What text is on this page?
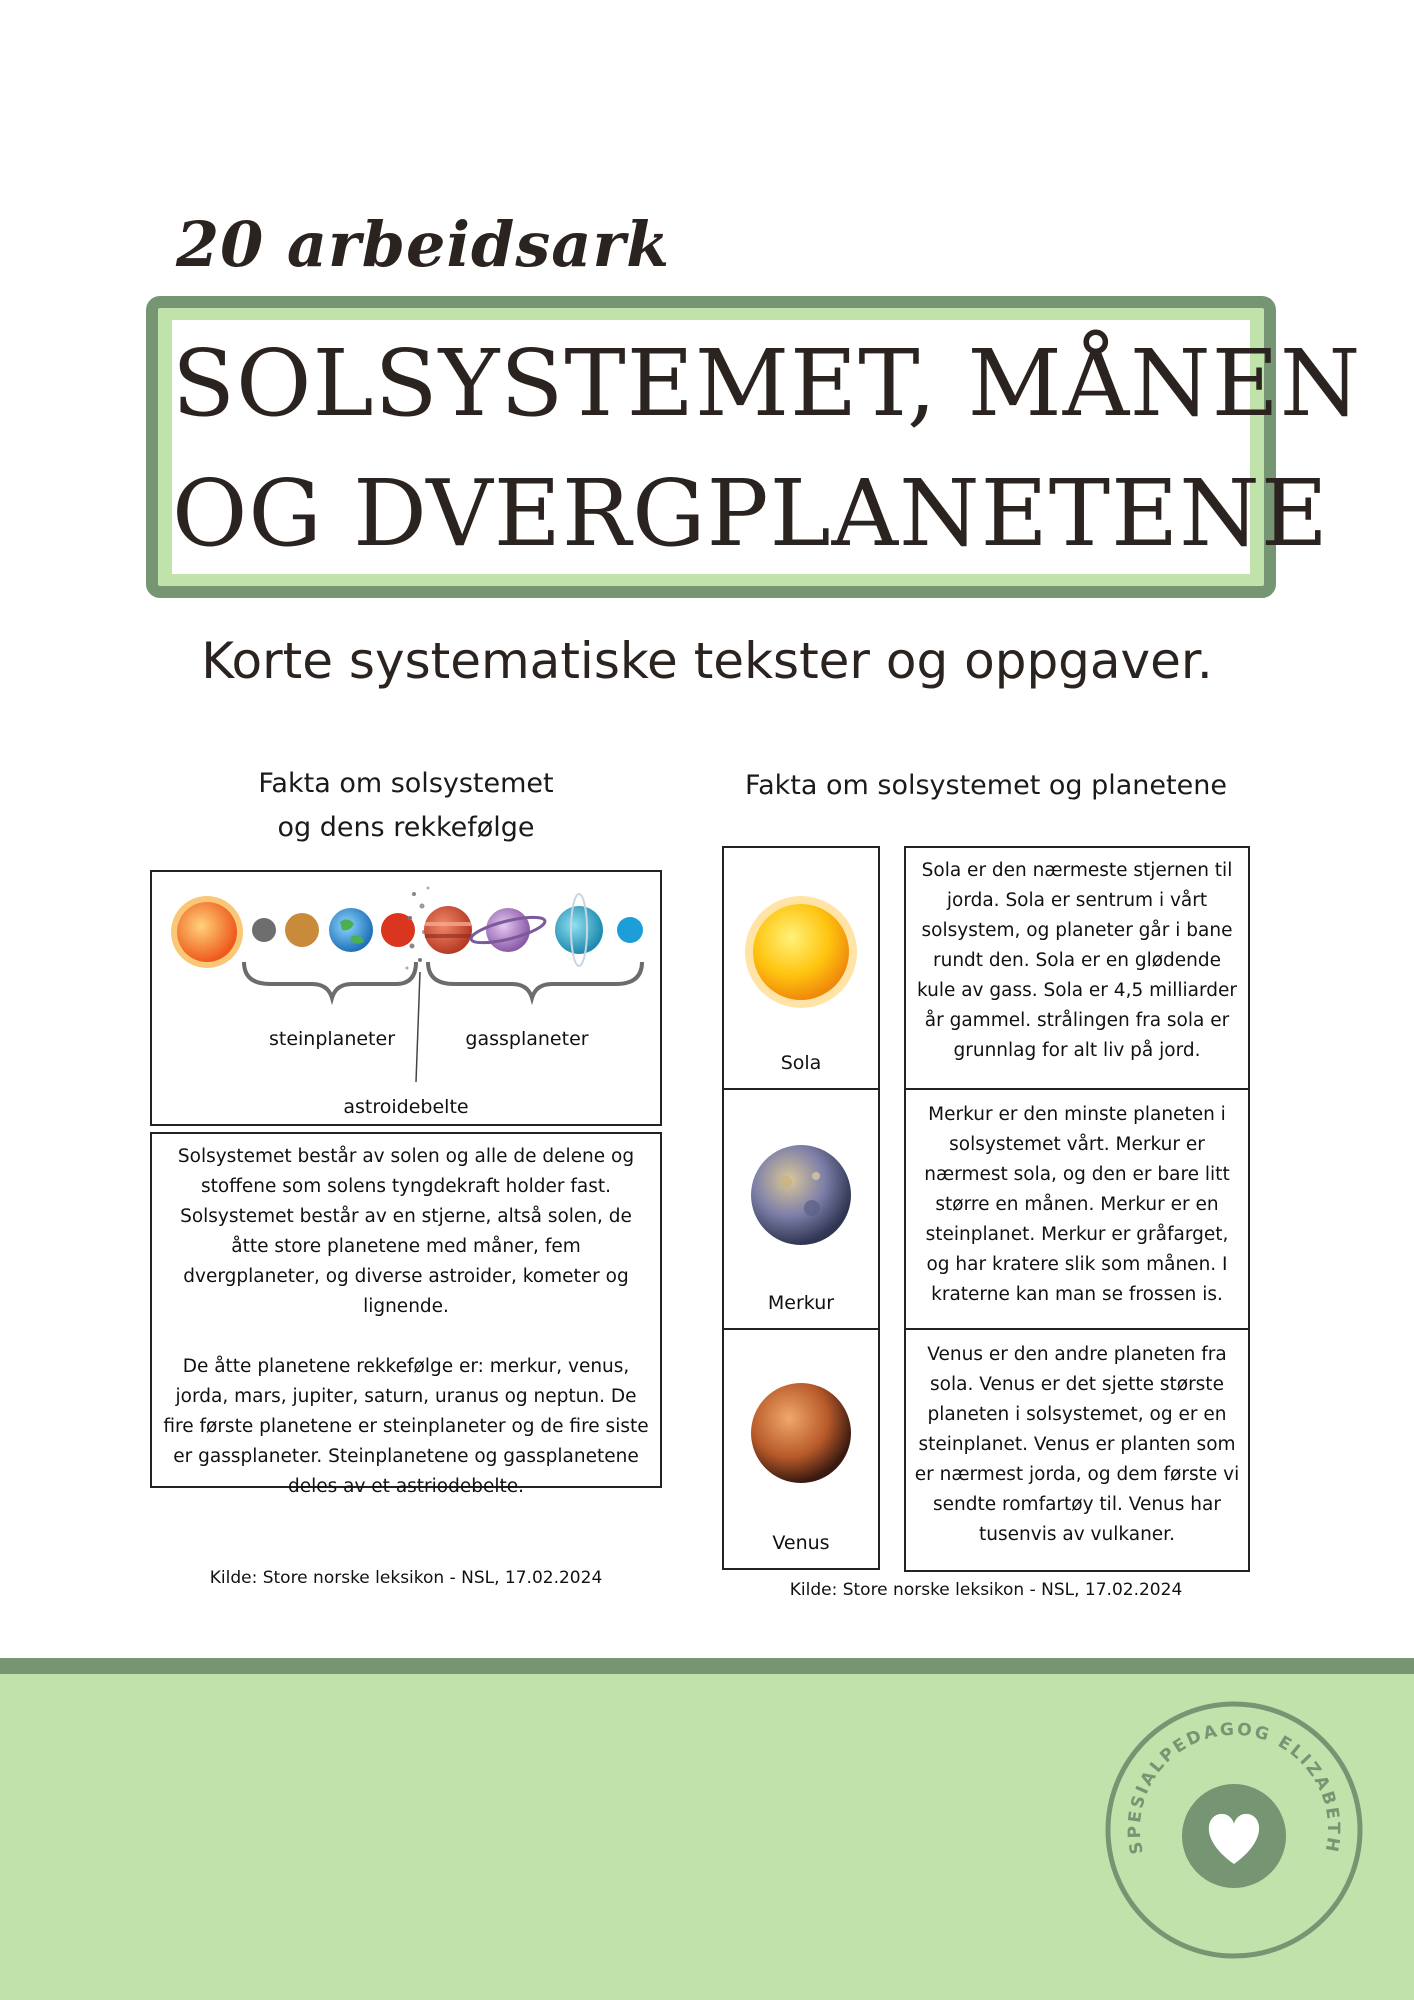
20 arbeidsark
SOLSYSTEMET, MÅNEN
OG DVERGPLANETENE
Korte systematiske tekster og oppgaver.
Fakta om solsystemet
og dens rekkefølge
steinplaneter	gassplaneter
astroidebelte
Solsystemet består av solen og alle de delene og stoffene som solens tyngdekraft holder fast. Solsystemet består av en stjerne, altså solen, de åtte store planetene med måner, fem dvergplaneter, og diverse astroider, kometer og lignende.
De åtte planetene rekkefølge er: merkur, venus, jorda, mars, jupiter, saturn, uranus og neptun. De fire første planetene er steinplaneter og de fire siste er gassplaneter. Steinplanetene og gassplanetene deles av et astriodebelte.
Kilde: Store norske leksikon - NSL, 17.02.2024
Fakta om solsystemet og planetene
Sola
Merkur
Venus
Sola er den nærmeste stjernen til jorda. Sola er sentrum i vårt solsystem, og planeter går i bane rundt den. Sola er en glødende kule av gass. Sola er 4,5 milliarder år gammel. strålingen fra sola er grunnlag for alt liv på jord.
Merkur er den minste planeten i solsystemet vårt. Merkur er nærmest sola, og den er bare litt større en månen. Merkur er en steinplanet. Merkur er gråfarget, og har kratere slik som månen. I kraterne kan man se frossen is.
Venus er den andre planeten fra sola. Venus er det sjette største planeten i solsystemet, og er en steinplanet. Venus er planten som er nærmest jorda, og dem første vi sendte romfartøy til. Venus har tusenvis av vulkaner.
Kilde: Store norske leksikon - NSL, 17.02.2024
SPESIALPEDAGOG ELIZABETH
